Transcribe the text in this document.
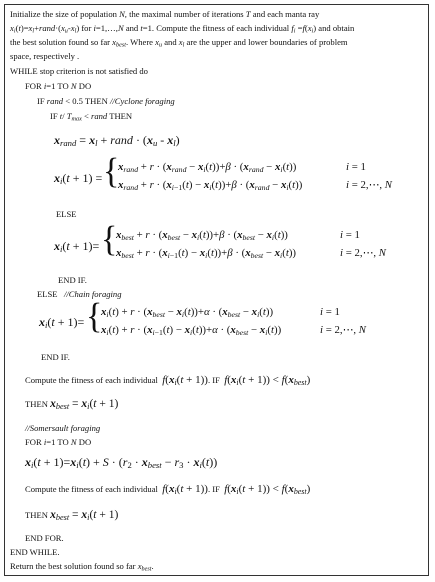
Initialize the size of population N, the maximal number of iterations T and each manta ray
$x_i(t)=x_l+rand\cdot(x_u-x_l)$ for i=1,…,N and t=1. Compute the fitness of each individual $f_i =f(x_i)$ and obtain
the best solution found so far $x_{best}$. Where $x_u$ and $x_l$ are the upper and lower boundaries of problem
space, respectively .
WHILE stop criterion is not satisfied do
FOR i=1 TO N DO
IF rand < 0.5 THEN //Cyclone foraging
IF t/ $T_{max}$ < rand THEN
$x_{rand} = x_l$ + rand · $(x_u - x_l)$
$x_i(t + 1)$ = {
$x_{rand} + r \cdot (x_{rand} - x_i(t))+\beta \cdot (x_{rand} - x_i(t))$
$x_{rand} + r \cdot (x_{i-1}(t) - x_i(t))+\beta \cdot (x_{rand} - x_i(t))$
i = 1
i = 2,⋯, N
ELSE
$x_i(t + 1)=$ {
$x_{best} + r \cdot (x_{best} - x_i(t))+\beta \cdot (x_{best} - x_i(t))$
$x_{best} + r \cdot (x_{i-1}(t) - x_i(t))+\beta \cdot (x_{best} - x_i(t))$
i = 1
i = 2,⋯, N
END IF.
ELSE   //Chain foraging
$x_i(t + 1)=$ {
$x_i(t) + r \cdot (x_{best} - x_i(t))+\alpha \cdot (x_{best} - x_i(t))$
$x_i(t) + r \cdot (x_{i-1}(t) - x_i(t))+\alpha \cdot (x_{best} - x_i(t))$
i = 1
i = 2,⋯, N
END IF.
Compute the fitness of each individual  $f(x_i(t + 1))$. IF  $f(x_i(t + 1)) < f(x_{best})$
THEN $x_{best} = x_i(t + 1)$
//Somersault foraging
FOR i=1 TO N DO
$x_i(t + 1)=x_i(t) + S \cdot (r_2 \cdot x_{best} - r_3 \cdot x_i(t))$
Compute the fitness of each individual  $f(x_i(t + 1))$. IF  $f(x_i(t + 1)) < f(x_{best})$
THEN $x_{best} = x_i(t + 1)$
END FOR.
END WHILE.
Return the best solution found so far $x_{best}$.
